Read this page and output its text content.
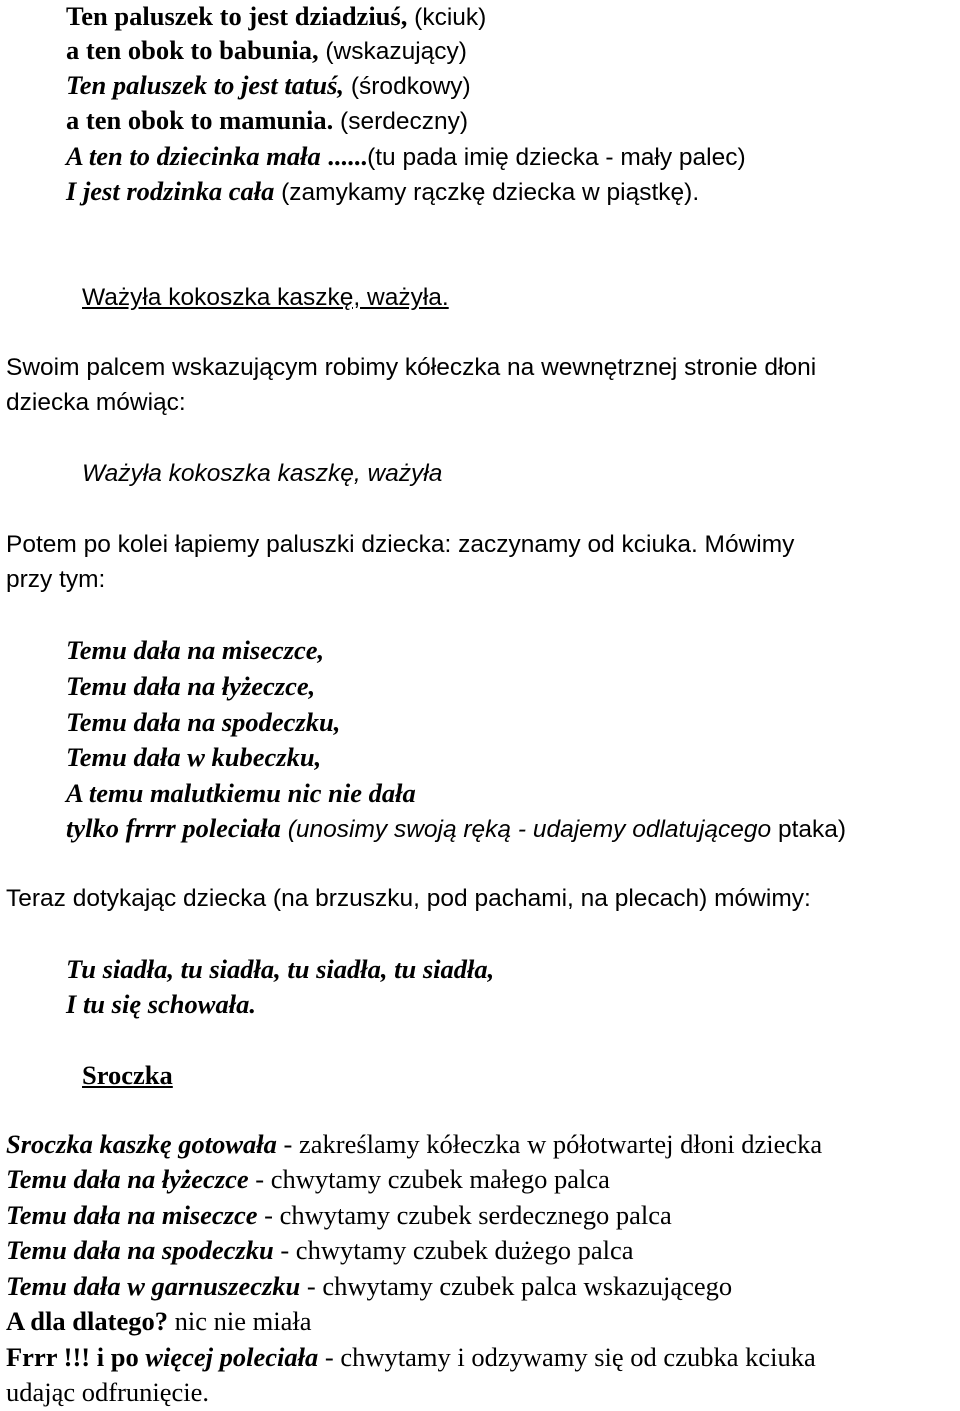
Ten paluszek to jest dziadziuś, (kciuk)
a ten obok to babunia, (wskazujący)
Ten paluszek to jest tatuś, (środkowy)
a ten obok to mamunia. (serdeczny)
A ten to dziecinka mała ......(tu pada imię dziecka - mały palec)
I jest rodzinka cała (zamykamy rączkę dziecka w piąstkę).
Ważyła kokoszka kaszkę, ważyła.
Swoim palcem wskazującym robimy kółeczka na wewnętrznej stronie dłoni
dziecka mówiąc:
Ważyła kokoszka kaszkę, ważyła
Potem po kolei łapiemy paluszki dziecka: zaczynamy od kciuka. Mówimy
przy tym:
Temu dała na miseczce,
Temu dała na łyżeczce,
Temu dała na spodeczku,
Temu dała w kubeczku,
A temu malutkiemu nic nie dała
tylko frrrr poleciała (unosimy swoją ręką - udajemy odlatującego ptaka)
Teraz dotykając dziecka (na brzuszku, pod pachami, na plecach) mówimy:
Tu siadła, tu siadła, tu siadła, tu siadła,
I tu się schowała.
Sroczka
Sroczka kaszkę gotowała - zakreślamy kółeczka w półotwartej dłoni dziecka
Temu dała na łyżeczce - chwytamy czubek małego palca
Temu dała na miseczce - chwytamy czubek serdecznego palca
Temu dała na spodeczku - chwytamy czubek dużego palca
Temu dała w garnuszeczku - chwytamy czubek palca wskazującego
A dla dlatego? nic nie miała
Frrr !!! i po więcej poleciała - chwytamy i odzywamy się od czubka kciuka
udając odfrunięcie.
